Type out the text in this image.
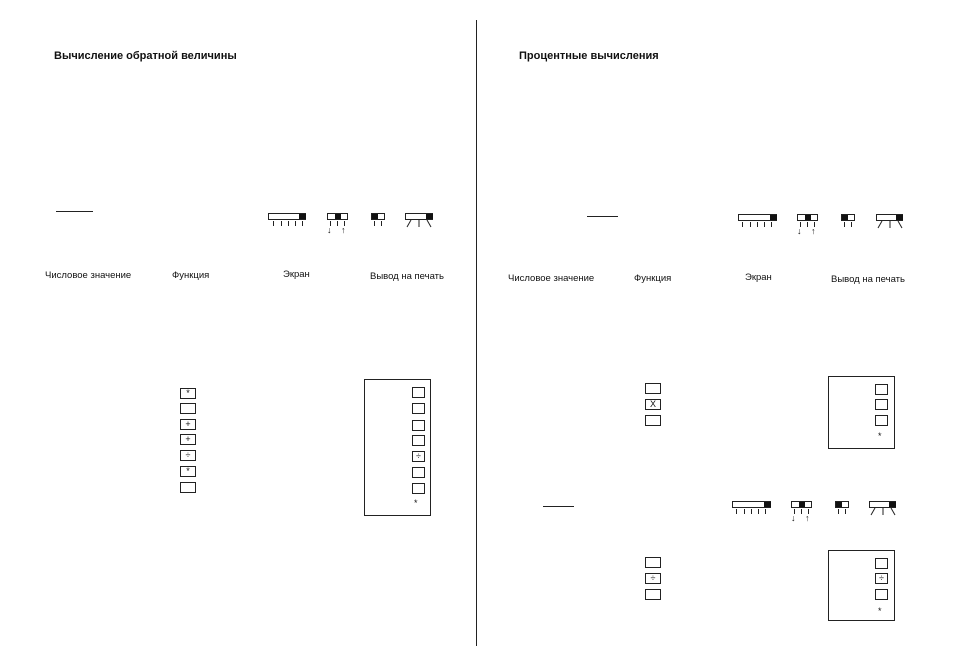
Вычисление обратной величины
↓ ↑
Числовое значение	Функция	Экран	Вывод на печать
*
+
+
÷
*
÷
*
Процентные вычисления
↓ ↑
Числовое значение	Функция	Экран	Вывод на печать
X
*
↓ ↑
÷	÷
*
